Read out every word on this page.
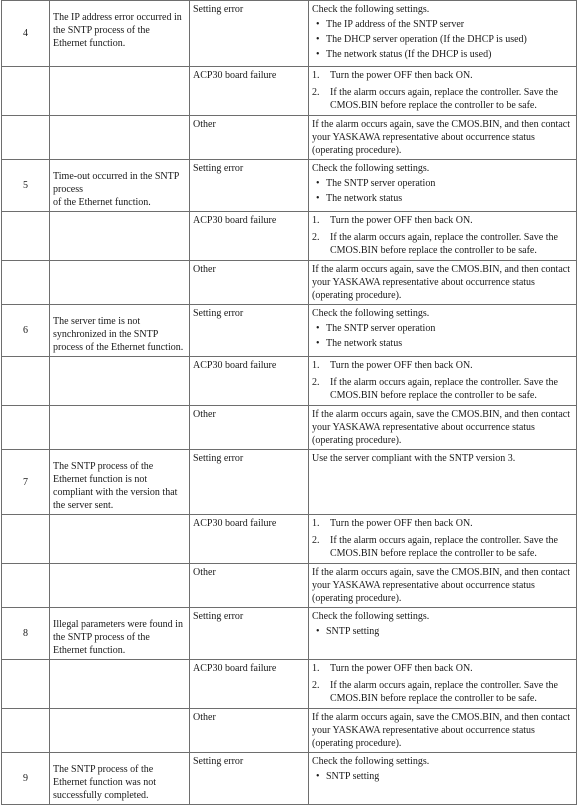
4	The IP address error occurred in the SNTP process of the Ethernet function.	Setting error	Check the following settings.
• The IP address of the SNTP server
• The DHCP server operation (If the DHCP is used)
• The network status (If the DHCP is used)

		ACP30 board failure	1. Turn the power OFF then back ON.
2. If the alarm occurs again, replace the controller. Save the CMOS.BIN before replace the controller to be safe.

		Other	If the alarm occurs again, save the CMOS.BIN, and then contact your YASKAWA representative about occurrence status (operating procedure).
5	Time-out occurred in the SNTP process
of the Ethernet function.	Setting error	Check the following settings.
• The SNTP server operation
• The network status

		ACP30 board failure	1. Turn the power OFF then back ON.
2. If the alarm occurs again, replace the controller. Save the CMOS.BIN before replace the controller to be safe.

		Other	If the alarm occurs again, save the CMOS.BIN, and then contact your YASKAWA representative about occurrence status (operating procedure).
6	The server time is not synchronized in the SNTP process of the Ethernet function.	Setting error	Check the following settings.
• The SNTP server operation
• The network status

		ACP30 board failure	1. Turn the power OFF then back ON.
2. If the alarm occurs again, replace the controller. Save the CMOS.BIN before replace the controller to be safe.

		Other	If the alarm occurs again, save the CMOS.BIN, and then contact your YASKAWA representative about occurrence status (operating procedure).
7	The SNTP process of the Ethernet function is not compliant with the version that the server sent.	Setting error	Use the server compliant with the SNTP version 3.
		ACP30 board failure	1. Turn the power OFF then back ON.
2. If the alarm occurs again, replace the controller. Save the CMOS.BIN before replace the controller to be safe.

		Other	If the alarm occurs again, save the CMOS.BIN, and then contact your YASKAWA representative about occurrence status (operating procedure).
8	Illegal parameters were found in the SNTP process of the Ethernet function.	Setting error	Check the following settings.
• SNTP setting

		ACP30 board failure	1. Turn the power OFF then back ON.
2. If the alarm occurs again, replace the controller. Save the CMOS.BIN before replace the controller to be safe.

		Other	If the alarm occurs again, save the CMOS.BIN, and then contact your YASKAWA representative about occurrence status (operating procedure).
9	The SNTP process of the Ethernet function was not successfully completed.	Setting error	Check the following settings.
• SNTP setting
